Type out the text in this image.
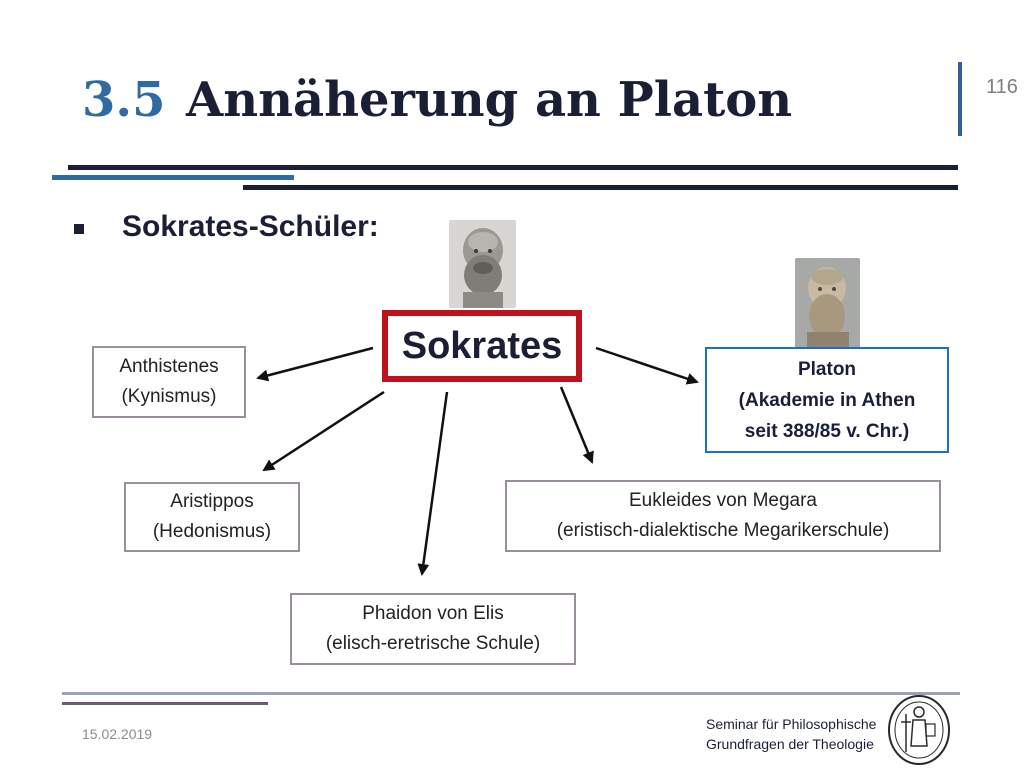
3.5 Annäherung an Platon	116
Sokrates-Schüler:
Sokrates
Anthistenes
(Kynismus)
Aristippos
(Hedonismus)
Phaidon von Elis
(elisch-eretrische Schule)
Eukleides von Megara
(eristisch-dialektische Megarikerschule)
Platon
(Akademie in Athen
seit 388/85 v. Chr.)
15.02.2019
Seminar für Philosophische
Grundfragen der Theologie
